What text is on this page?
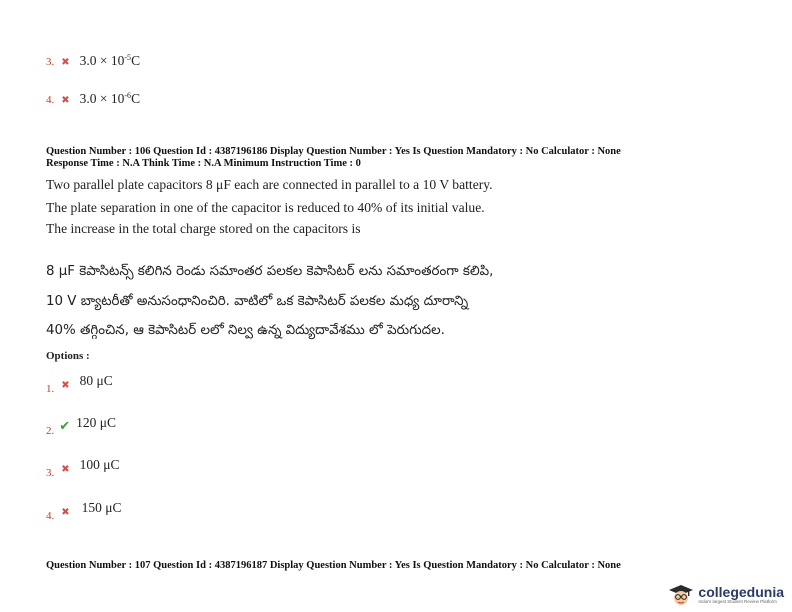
3. ✖ $3.0 \times 10^{-5}C$
4. ✖ $3.0 \times 10^{-6}C$
Question Number : 106 Question Id : 4387196186 Display Question Number : Yes Is Question Mandatory : No Calculator : None
Response Time : N.A Think Time : N.A Minimum Instruction Time : 0
Two parallel plate capacitors 8 μF each are connected in parallel to a 10 V battery.
The plate separation in one of the capacitor is reduced to 40% of its initial value.
The increase in the total charge stored on the capacitors is
8 μF కెపాసిటన్స్ కలిగిన రెండు సమాంతర పలకల కెపాసిటర్ లను సమాంతరంగా కలిపి,
10 V బ్యాటరీతో అనుసంధానించిరి. వాటిలో ఒక కెపాసిటర్ పలకల మధ్య దూరాన్ని
40% తగ్గించిన, ఆ కెపాసిటర్ లలో నిల్వ ఉన్న విద్యుదావేశము లో పెరుగుదల.
Options :
$_{1.}$ ✖ 80 μC
$_{2.}$ ✔ 120 μC
$_{3.}$ ✖ 100 μC
$_{4.}$ ✖ 150 μC
Question Number : 107 Question Id : 4387196187 Display Question Number : Yes Is Question Mandatory : No Calculator : None
collegedunia
India's largest Student Review Platform
